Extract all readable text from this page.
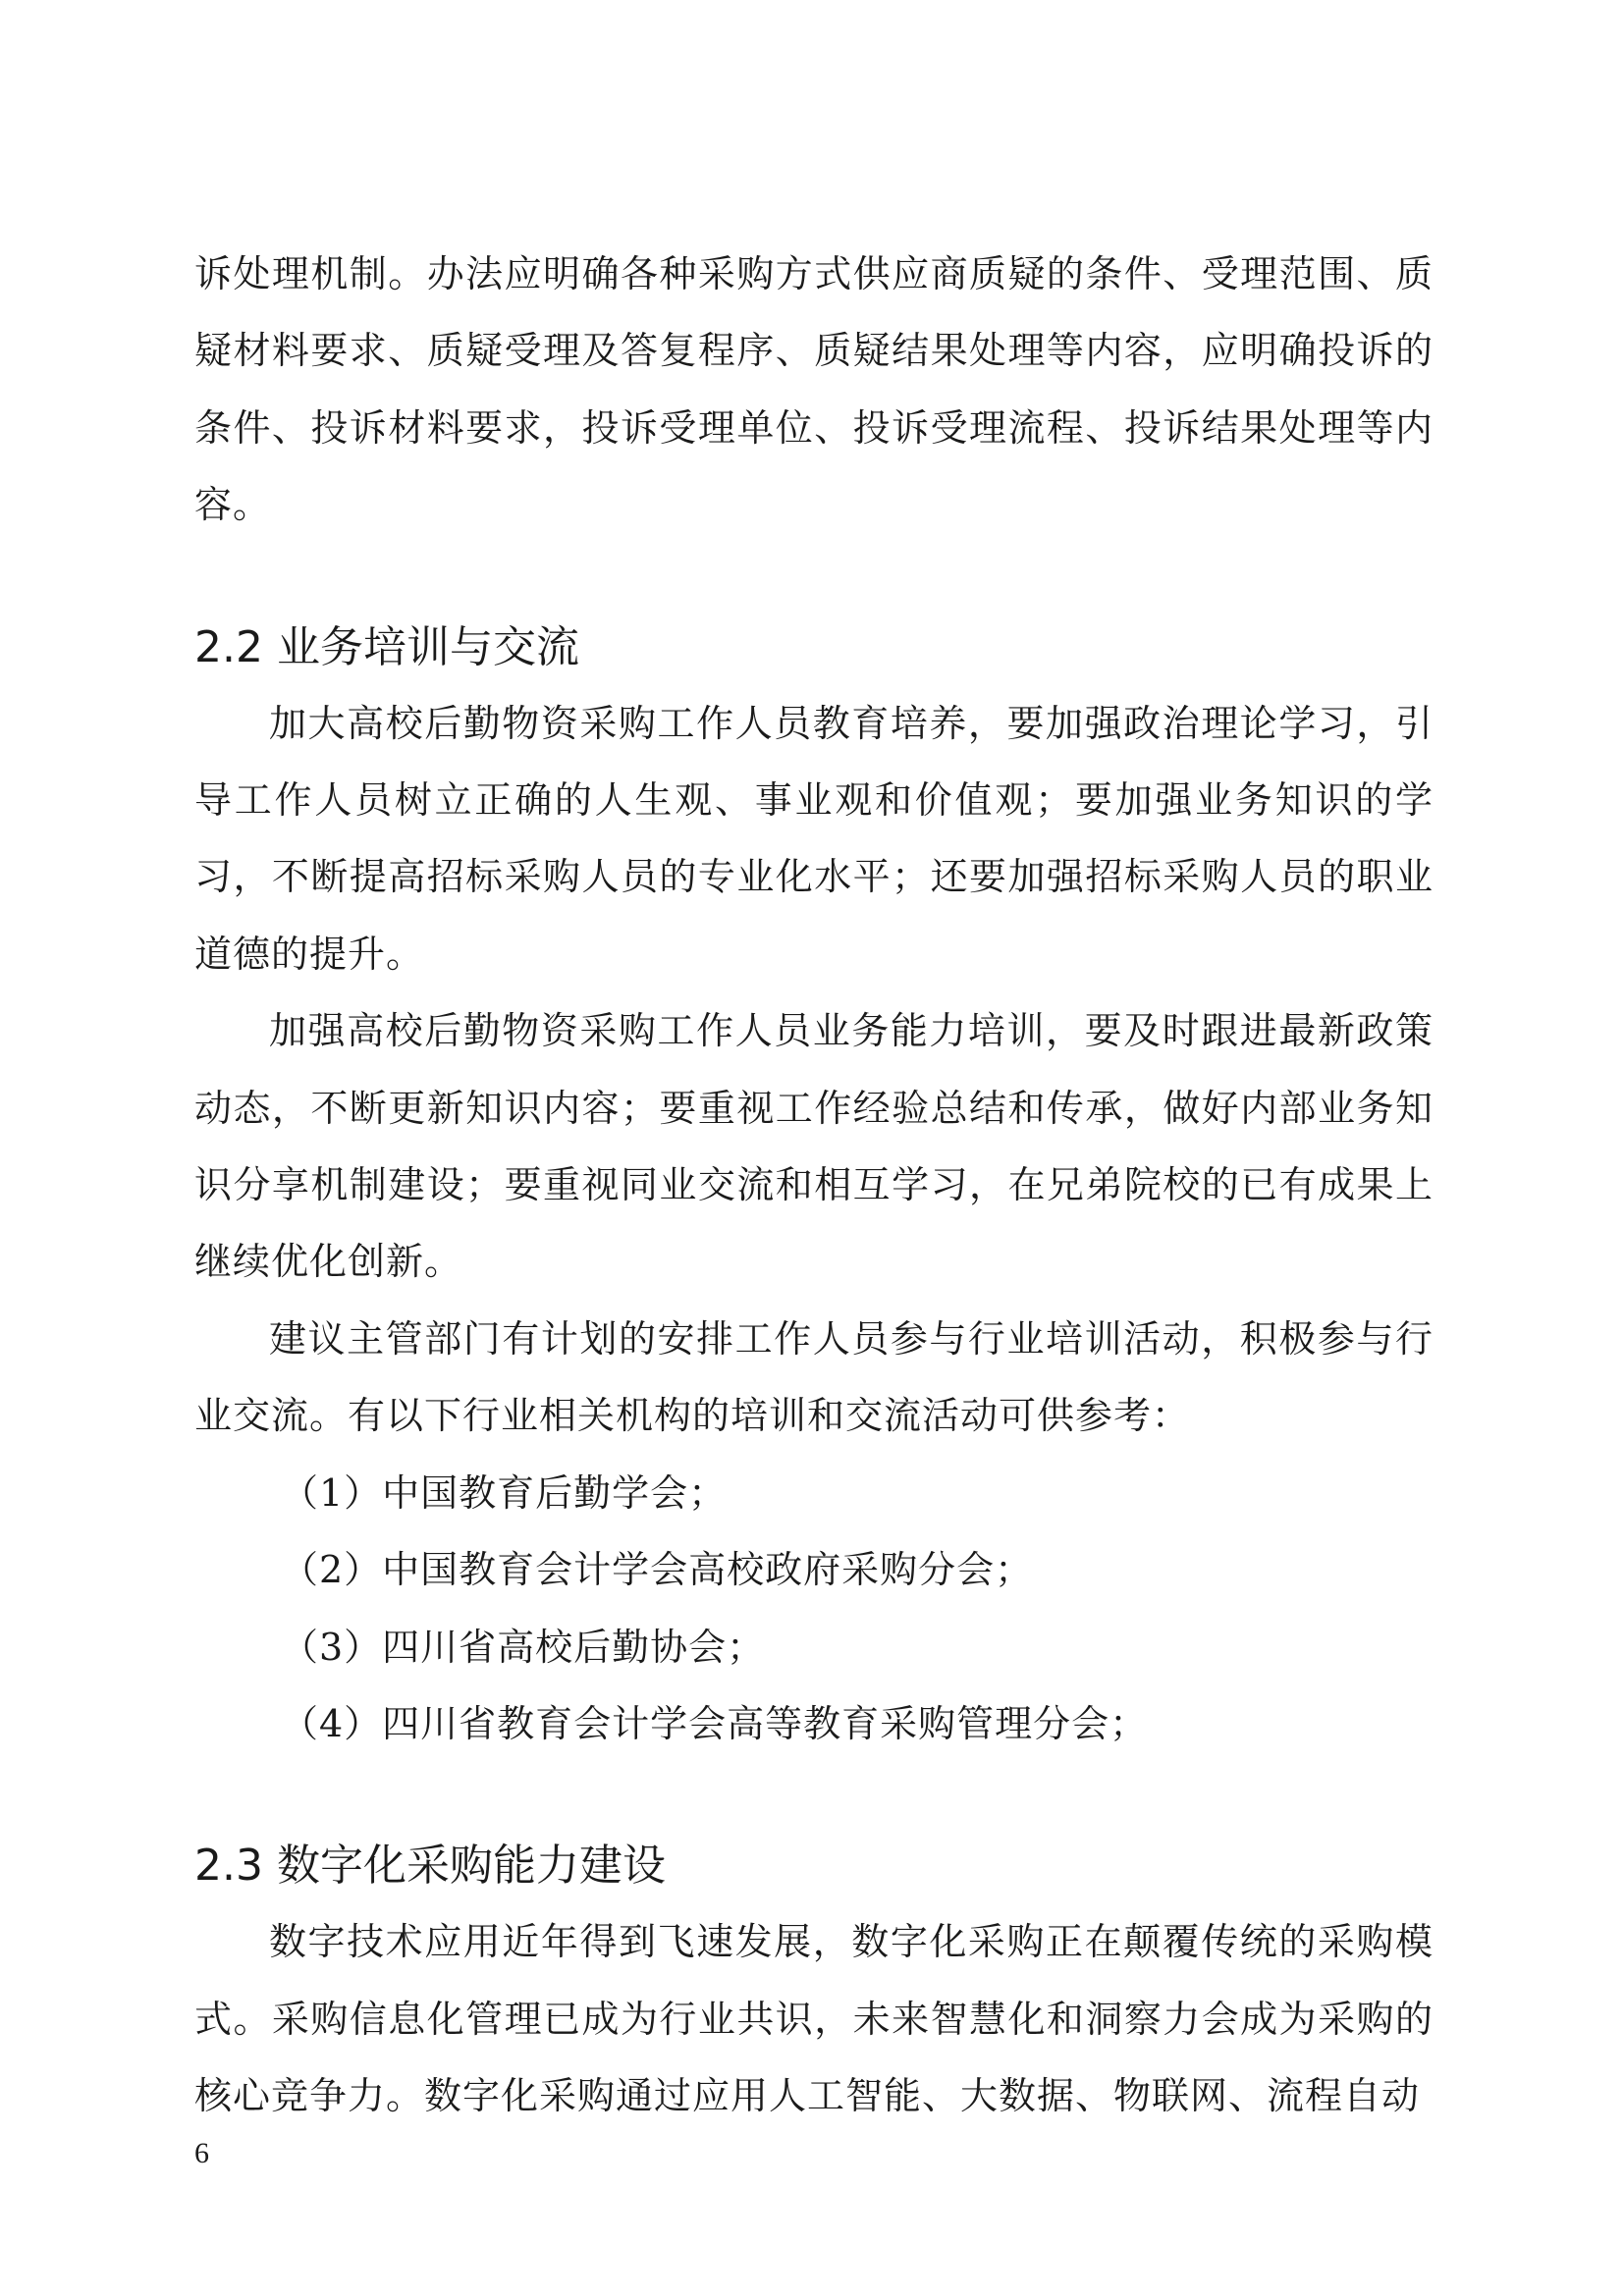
诉处理机制。办法应明确各种采购方式供应商质疑的条件、受理范围、质疑材料要求、质疑受理及答复程序、质疑结果处理等内容，应明确投诉的条件、投诉材料要求，投诉受理单位、投诉受理流程、投诉结果处理等内容。

2.2 业务培训与交流

加大高校后勤物资采购工作人员教育培养，要加强政治理论学习，引导工作人员树立正确的人生观、事业观和价值观；要加强业务知识的学习，不断提高招标采购人员的专业化水平；还要加强招标采购人员的职业道德的提升。

加强高校后勤物资采购工作人员业务能力培训，要及时跟进最新政策动态，不断更新知识内容；要重视工作经验总结和传承，做好内部业务知识分享机制建设；要重视同业交流和相互学习，在兄弟院校的已有成果上继续优化创新。

建议主管部门有计划的安排工作人员参与行业培训活动，积极参与行业交流。有以下行业相关机构的培训和交流活动可供参考：

（1）中国教育后勤学会；

（2）中国教育会计学会高校政府采购分会；

（3）四川省高校后勤协会；

（4）四川省教育会计学会高等教育采购管理分会；

2.3 数字化采购能力建设

数字技术应用近年得到飞速发展，数字化采购正在颠覆传统的采购模式。采购信息化管理已成为行业共识，未来智慧化和洞察力会成为采购的核心竞争力。数字化采购通过应用人工智能、大数据、物联网、流程自动

6
